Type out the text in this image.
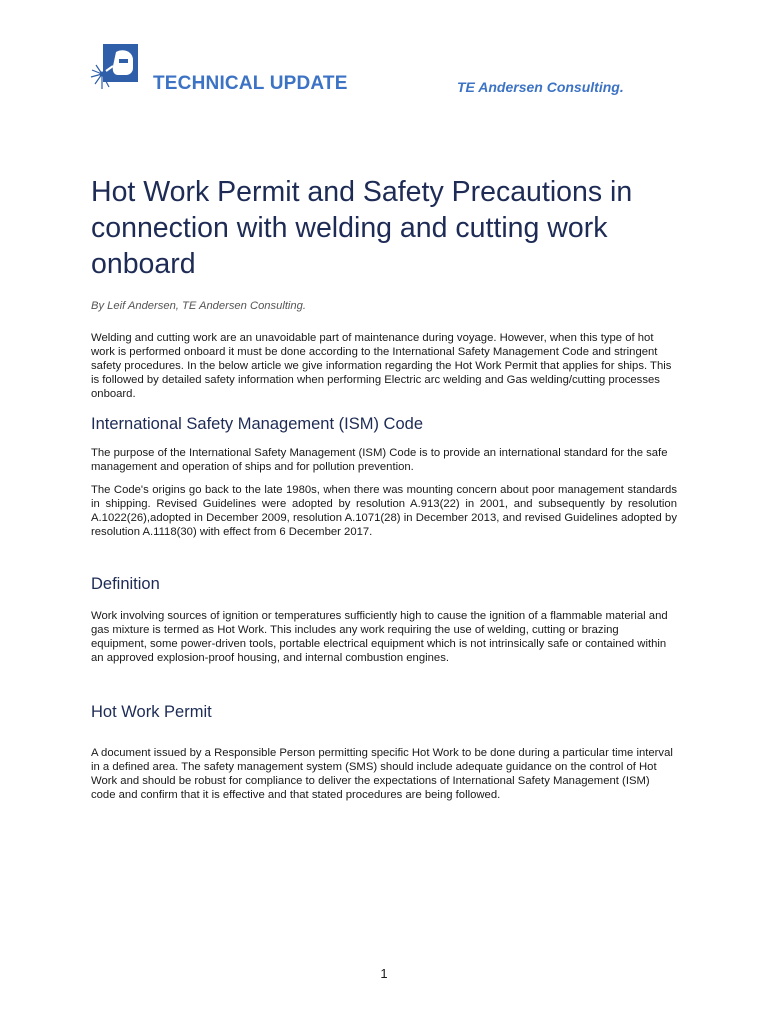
TECHNICAL UPDATE	TE Andersen Consulting.
Hot Work Permit and Safety Precautions in connection with welding and cutting work onboard
By Leif Andersen, TE Andersen Consulting.

Welding and cutting work are an unavoidable part of maintenance during voyage. However, when this type of hot work is performed onboard it must be done according to the International Safety Management Code and stringent safety procedures. In the below article we give information regarding the Hot Work Permit that applies for ships. This is followed by detailed safety information when performing Electric arc welding and Gas welding/cutting processes onboard.

International Safety Management (ISM) Code

The purpose of the International Safety Management (ISM) Code is to provide an international standard for the safe management and operation of ships and for pollution prevention.

The Code's origins go back to the late 1980s, when there was mounting concern about poor management standards in shipping. Revised Guidelines were adopted by resolution A.913(22) in 2001, and subsequently by resolution A.1022(26),adopted in December 2009, resolution A.1071(28) in December 2013, and revised Guidelines adopted by resolution A.1118(30) with effect from 6 December 2017.

Definition

Work involving sources of ignition or temperatures sufficiently high to cause the ignition of a flammable material and gas mixture is termed as Hot Work. This includes any work requiring the use of welding, cutting or brazing equipment, some power-driven tools, portable electrical equipment which is not intrinsically safe or contained within an approved explosion-proof housing, and internal combustion engines.

Hot Work Permit

A document issued by a Responsible Person permitting specific Hot Work to be done during a particular time interval in a defined area. The safety management system (SMS) should include adequate guidance on the control of Hot Work and should be robust for compliance to deliver the expectations of International Safety Management (ISM) code and confirm that it is effective and that stated procedures are being followed.

1
